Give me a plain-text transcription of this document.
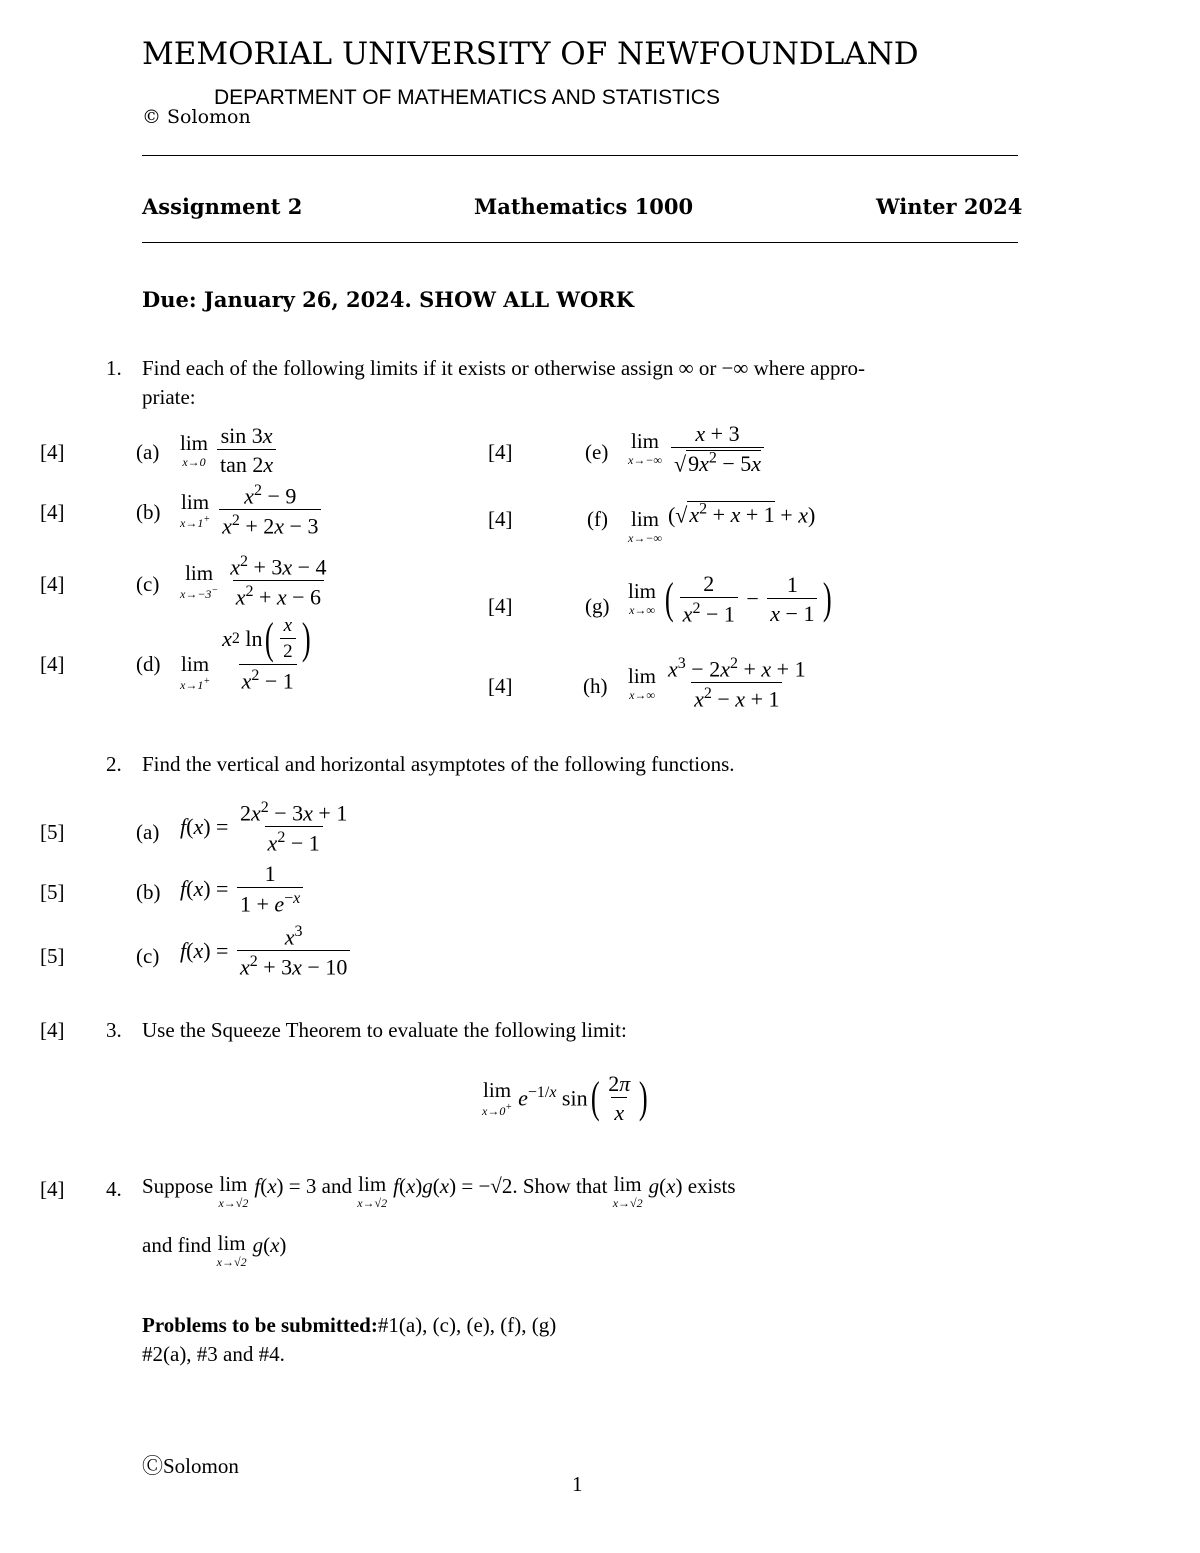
MEMORIAL UNIVERSITY OF NEWFOUNDLAND
DEPARTMENT OF MATHEMATICS AND STATISTICS
© Solomon
Assignment 2	Mathematics 1000	Winter 2024
Due: January 26, 2024. SHOW ALL WORK
1. Find each of the following limits if it exists or otherwise assign ∞ or −∞ where appro-
priate:
[4]	(a) lim
$x\to 0 \frac{\sin 3x}{\tan 2x}$
[4]	(b) lim
$x\to 1^+ \frac{x^2 - 9}{x^2 + 2x - 3}$
[4]	(c) lim
$x\to-3^- \frac{x^2 + 3x - 4}{x^2 + x - 6}$
[4]	(d) lim
$x\to 1^+ \frac{x 2 \ln ( \frac{x}{2} )}{x^2 - 1}$
[4]	(e) lim
$x\to-\infty \frac{x + 3}{√9x^2 - 5x}$
[4]	(f) lim
x→−∞
$(√x^2 + x + 1 + x)$
[4]	(g)
lim
x→∞ ( $\frac{2}{x^2 - 1} - \frac{1}{x - 1}$ )
[4]	(h) lim
$x\to\infty \frac{x^3 - 2x^2 + x + 1}{x^2 - x + 1}$
2. Find the vertical and horizontal asymptotes of the following functions.
[5]	(a) $f(x) = \frac{2x^2 - 3x + 1}{x^2 - 1}$
[5]	(b) $f(x) = \frac{1}{1 + e^{-x}}$
[5]	(c) $f(x) = \frac{x^3}{x^2 + 3x - 10}$
[4] 3. Use the Squeeze Theorem to evaluate the following limit:
lim
x→0+ $e^{-1/x}$ sin ( $\frac{2\pi}{x}$ )
[4] 4. Suppose
lim
x→√2
f(x) = 3 and
lim
x→√2
f(x)g(x) = −√2. Show that
lim
x→√2
g(x) exists
and find
lim
x→√2
g(x)
Problems to be submitted:#1(a), (c), (e), (f), (g)
#2(a), #3 and #4.
ⒸSolomon
1
